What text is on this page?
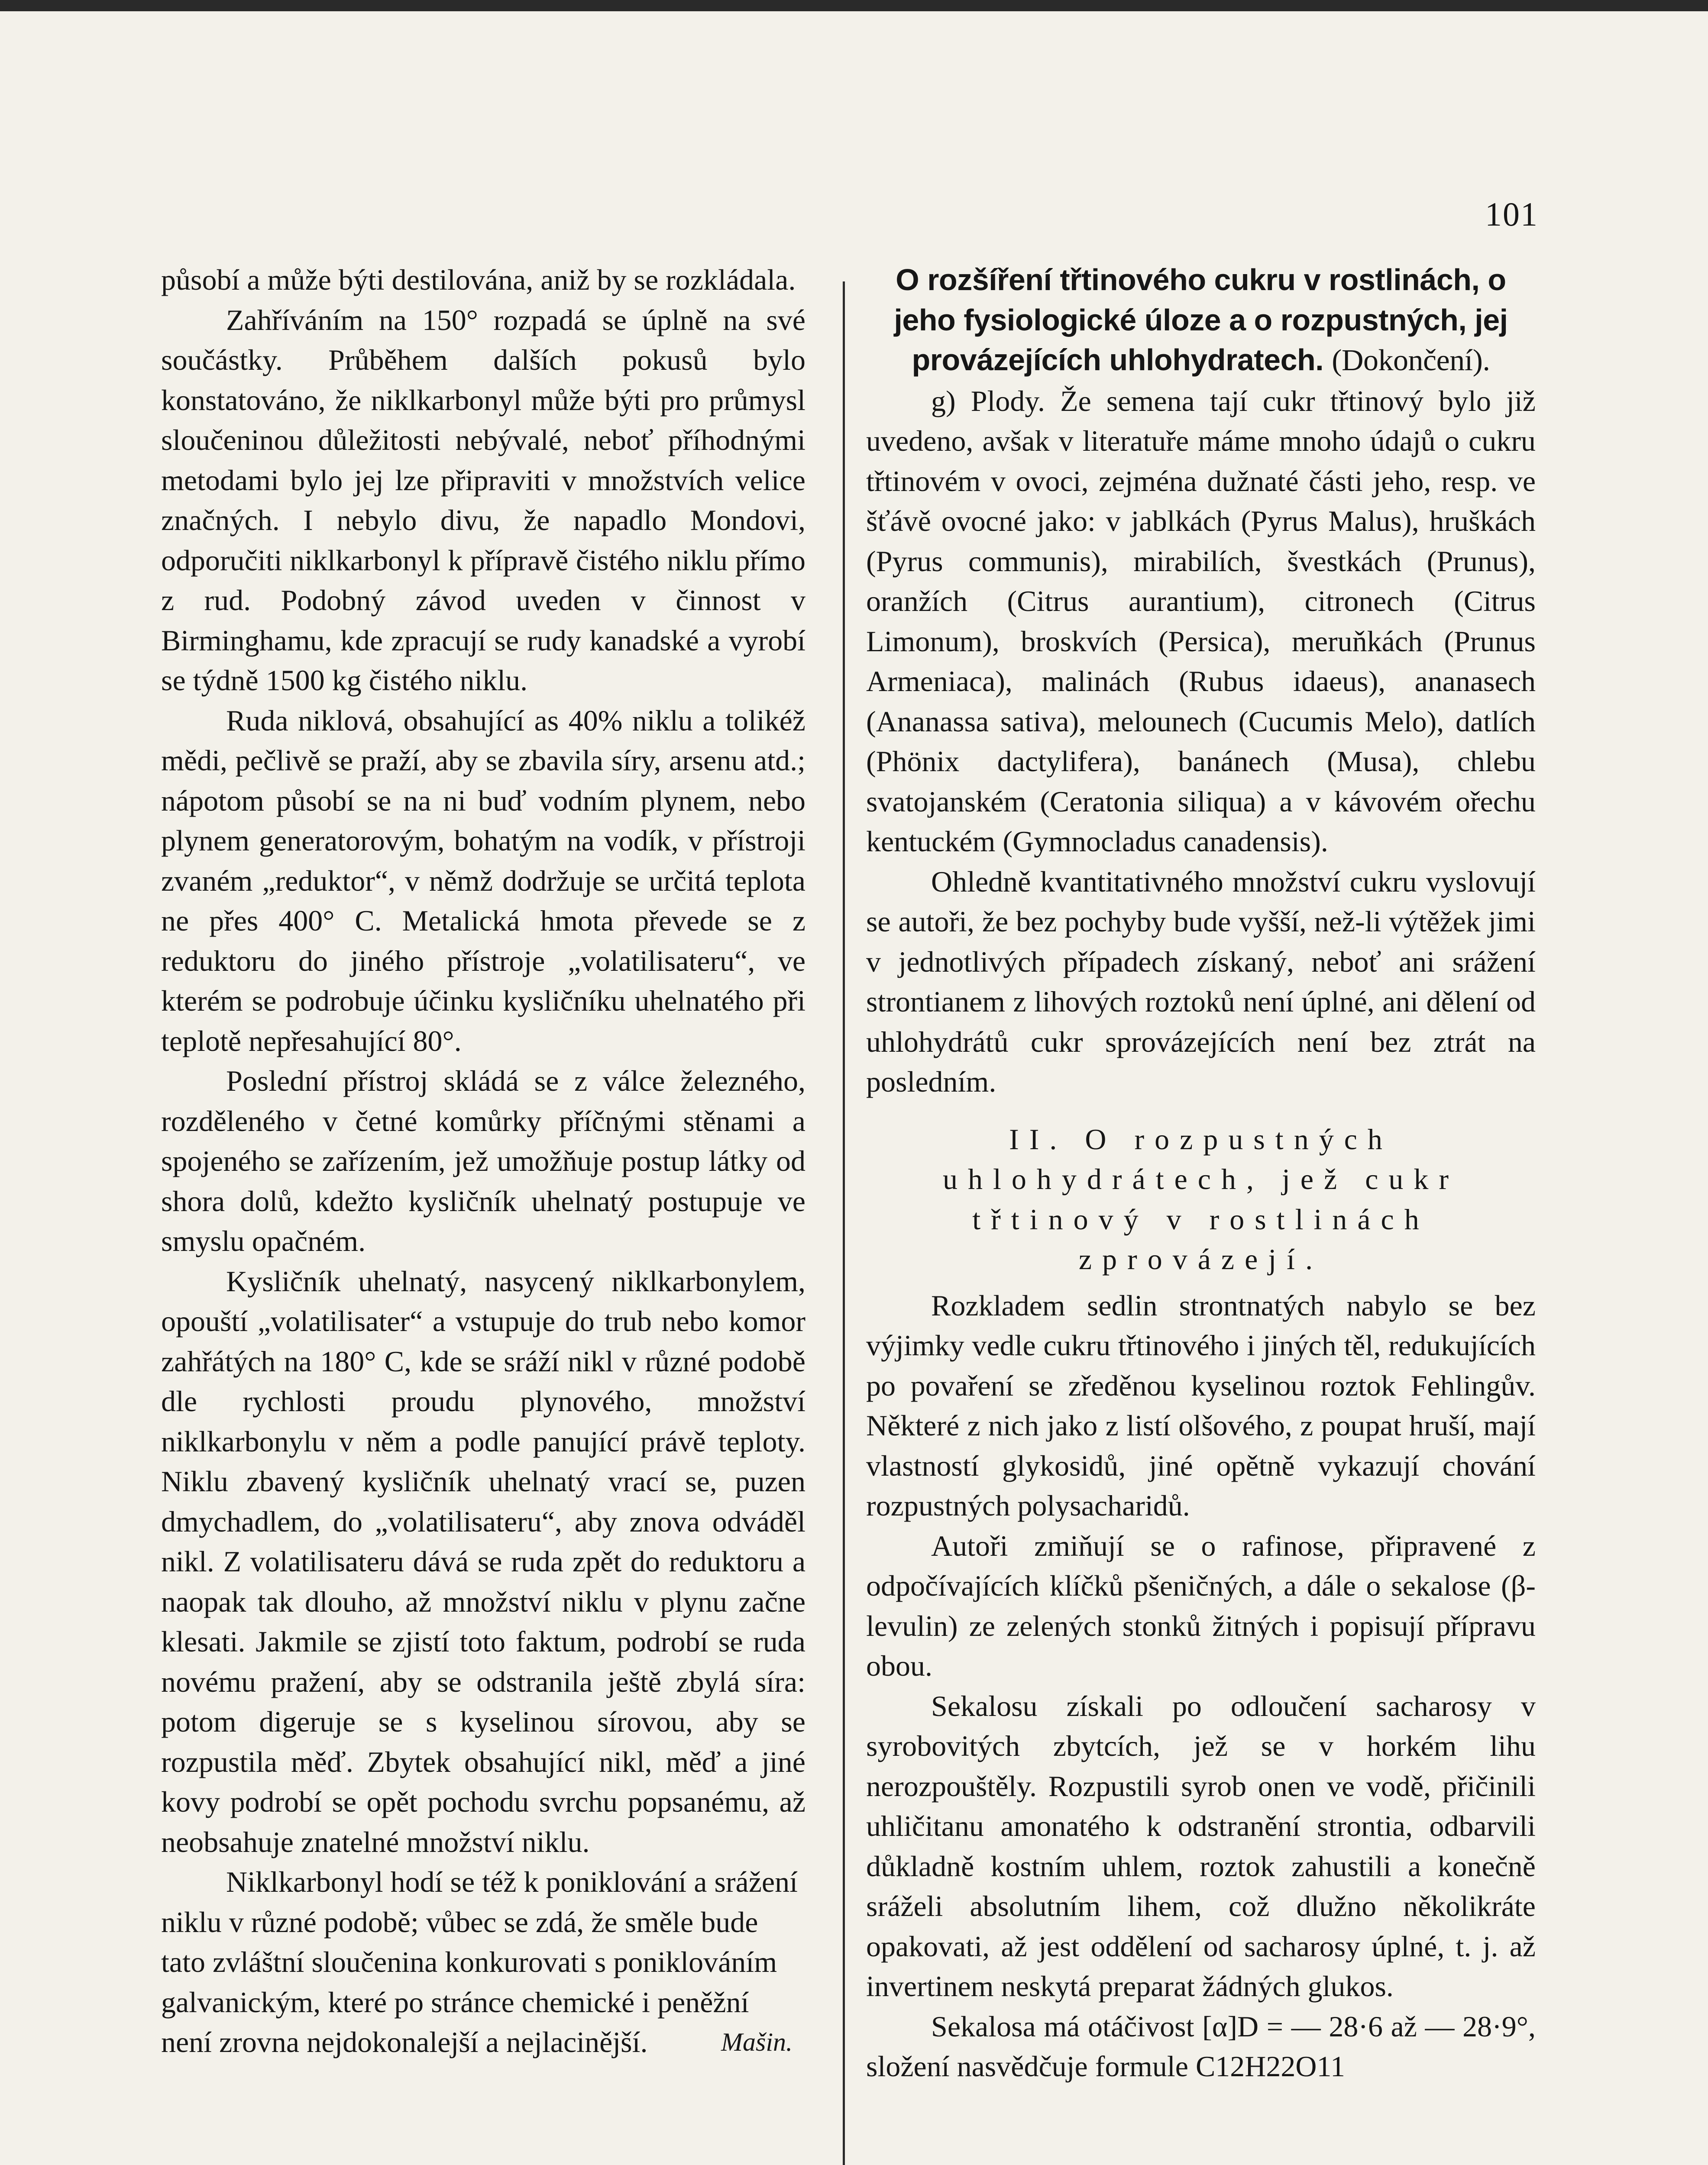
101

působí a může býti destilována, aniž by se rozkládala.

Zahříváním na 150° rozpadá se úplně na své součástky. Průběhem dalších pokusů bylo konstatováno, že niklkarbonyl může býti pro průmysl sloučeninou důležitosti nebývalé, neboť příhodnými metodami bylo jej lze připraviti v množstvích velice značných. I nebylo divu, že napadlo Mondovi, odporučiti niklkarbonyl k přípravě čistého niklu přímo z rud. Podobný závod uveden v činnost v Birminghamu, kde zpracují se rudy kanadské a vyrobí se týdně 1500 kg čistého niklu.

Ruda niklová, obsahující as 40% niklu a tolikéž mědi, pečlivě se praží, aby se zbavila síry, arsenu atd.; nápotom působí se na ni buď vodním plynem, nebo plynem generatorovým, bohatým na vodík, v přístroji zvaném „reduktor“, v němž dodržuje se určitá teplota ne přes 400° C. Metalická hmota převede se z reduktoru do jiného přístroje „volatilisateru“, ve kterém se podrobuje účinku kysličníku uhelnatého při teplotě nepřesahující 80°.

Poslední přístroj skládá se z válce železného, rozděleného v četné komůrky příčnými stěnami a spojeného se zařízením, jež umožňuje postup látky od shora dolů, kdežto kysličník uhelnatý postupuje ve smyslu opačném.

Kysličník uhelnatý, nasycený niklkarbonylem, opouští „volatilisater“ a vstupuje do trub nebo komor zahřátých na 180° C, kde se sráží nikl v různé podobě dle rychlosti proudu plynového, množství niklkarbonylu v něm a podle panující právě teploty. Niklu zbavený kysličník uhelnatý vrací se, puzen dmychadlem, do „volatilisateru“, aby znova odváděl nikl. Z volatilisateru dává se ruda zpět do reduktoru a naopak tak dlouho, až množství niklu v plynu začne klesati. Jakmile se zjistí toto faktum, podrobí se ruda novému pražení, aby se odstranila ještě zbylá síra: potom digeruje se s kyselinou sírovou, aby se rozpustila měď. Zbytek obsahující nikl, měď a jiné kovy podrobí se opět pochodu svrchu popsanému, až neobsahuje znatelné množství niklu.

Niklkarbonyl hodí se též k poniklování a srážení niklu v různé podobě; vůbec se zdá, že směle bude tato zvláštní sloučenina konkurovati s poniklováním galvanickým, které po stránce chemické i peněžní není zrovna nejdokonalejší a nejlacinější.	Mašin.

O rozšíření třtinového cukru v rostlinách, o jeho fysiologické úloze a o rozpustných, jej provázejících uhlohydratech. (Dokončení).

g) Plody. Že semena tají cukr třtinový bylo již uvedeno, avšak v literatuře máme mnoho údajů o cukru třtinovém v ovoci, zejména dužnaté části jeho, resp. ve šťávě ovocné jako: v jablkách (Pyrus Malus), hruškách (Pyrus communis), mirabilích, švestkách (Prunus), oranžích (Citrus aurantium), citronech (Citrus Limonum), broskvích (Persica), meruňkách (Prunus Armeniaca), malinách (Rubus idaeus), ananasech (Ananassa sativa), melounech (Cucumis Melo), datlích (Phönix dactylifera), banánech (Musa), chlebu svatojanském (Ceratonia siliqua) a v kávovém ořechu kentuckém (Gymnocladus canadensis).

Ohledně kvantitativného množství cukru vyslovují se autoři, že bez pochyby bude vyšší, než-li výtěžek jimi v jednotlivých případech získaný, neboť ani srážení strontianem z lihových roztoků není úplné, ani dělení od uhlohydrátů cukr sprovázejících není bez ztrát na posledním.

II. O rozpustných uhlohydrátech, jež cukr třtinový v rostlinách zprovázejí.

Rozkladem sedlin strontnatých nabylo se bez výjimky vedle cukru třtinového i jiných těl, redukujících po povaření se zředěnou kyselinou roztok Fehlingův. Některé z nich jako z listí olšového, z poupat hruší, mají vlastností glykosidů, jiné opětně vykazují chování rozpustných polysacharidů.

Autoři zmiňují se o rafinose, připravené z odpočívajících klíčků pšeničných, a dále o sekalose (β-levulin) ze zelených stonků žitných i popisují přípravu obou.

Sekalosu získali po odloučení sacharosy v syrobovitých zbytcích, jež se v horkém lihu nerozpouštěly. Rozpustili syrob onen ve vodě, přičinili uhličitanu amonatého k odstranění strontia, odbarvili důkladně kostním uhlem, roztok zahustili a konečně sráželi absolutním lihem, což dlužno několikráte opakovati, až jest oddělení od sacharosy úplné, t. j. až invertinem neskytá preparat žádných glukos.

Sekalosa má otáčivost [α]D = — 28·6 až — 28·9°, složení nasvědčuje formule C12H22O11
